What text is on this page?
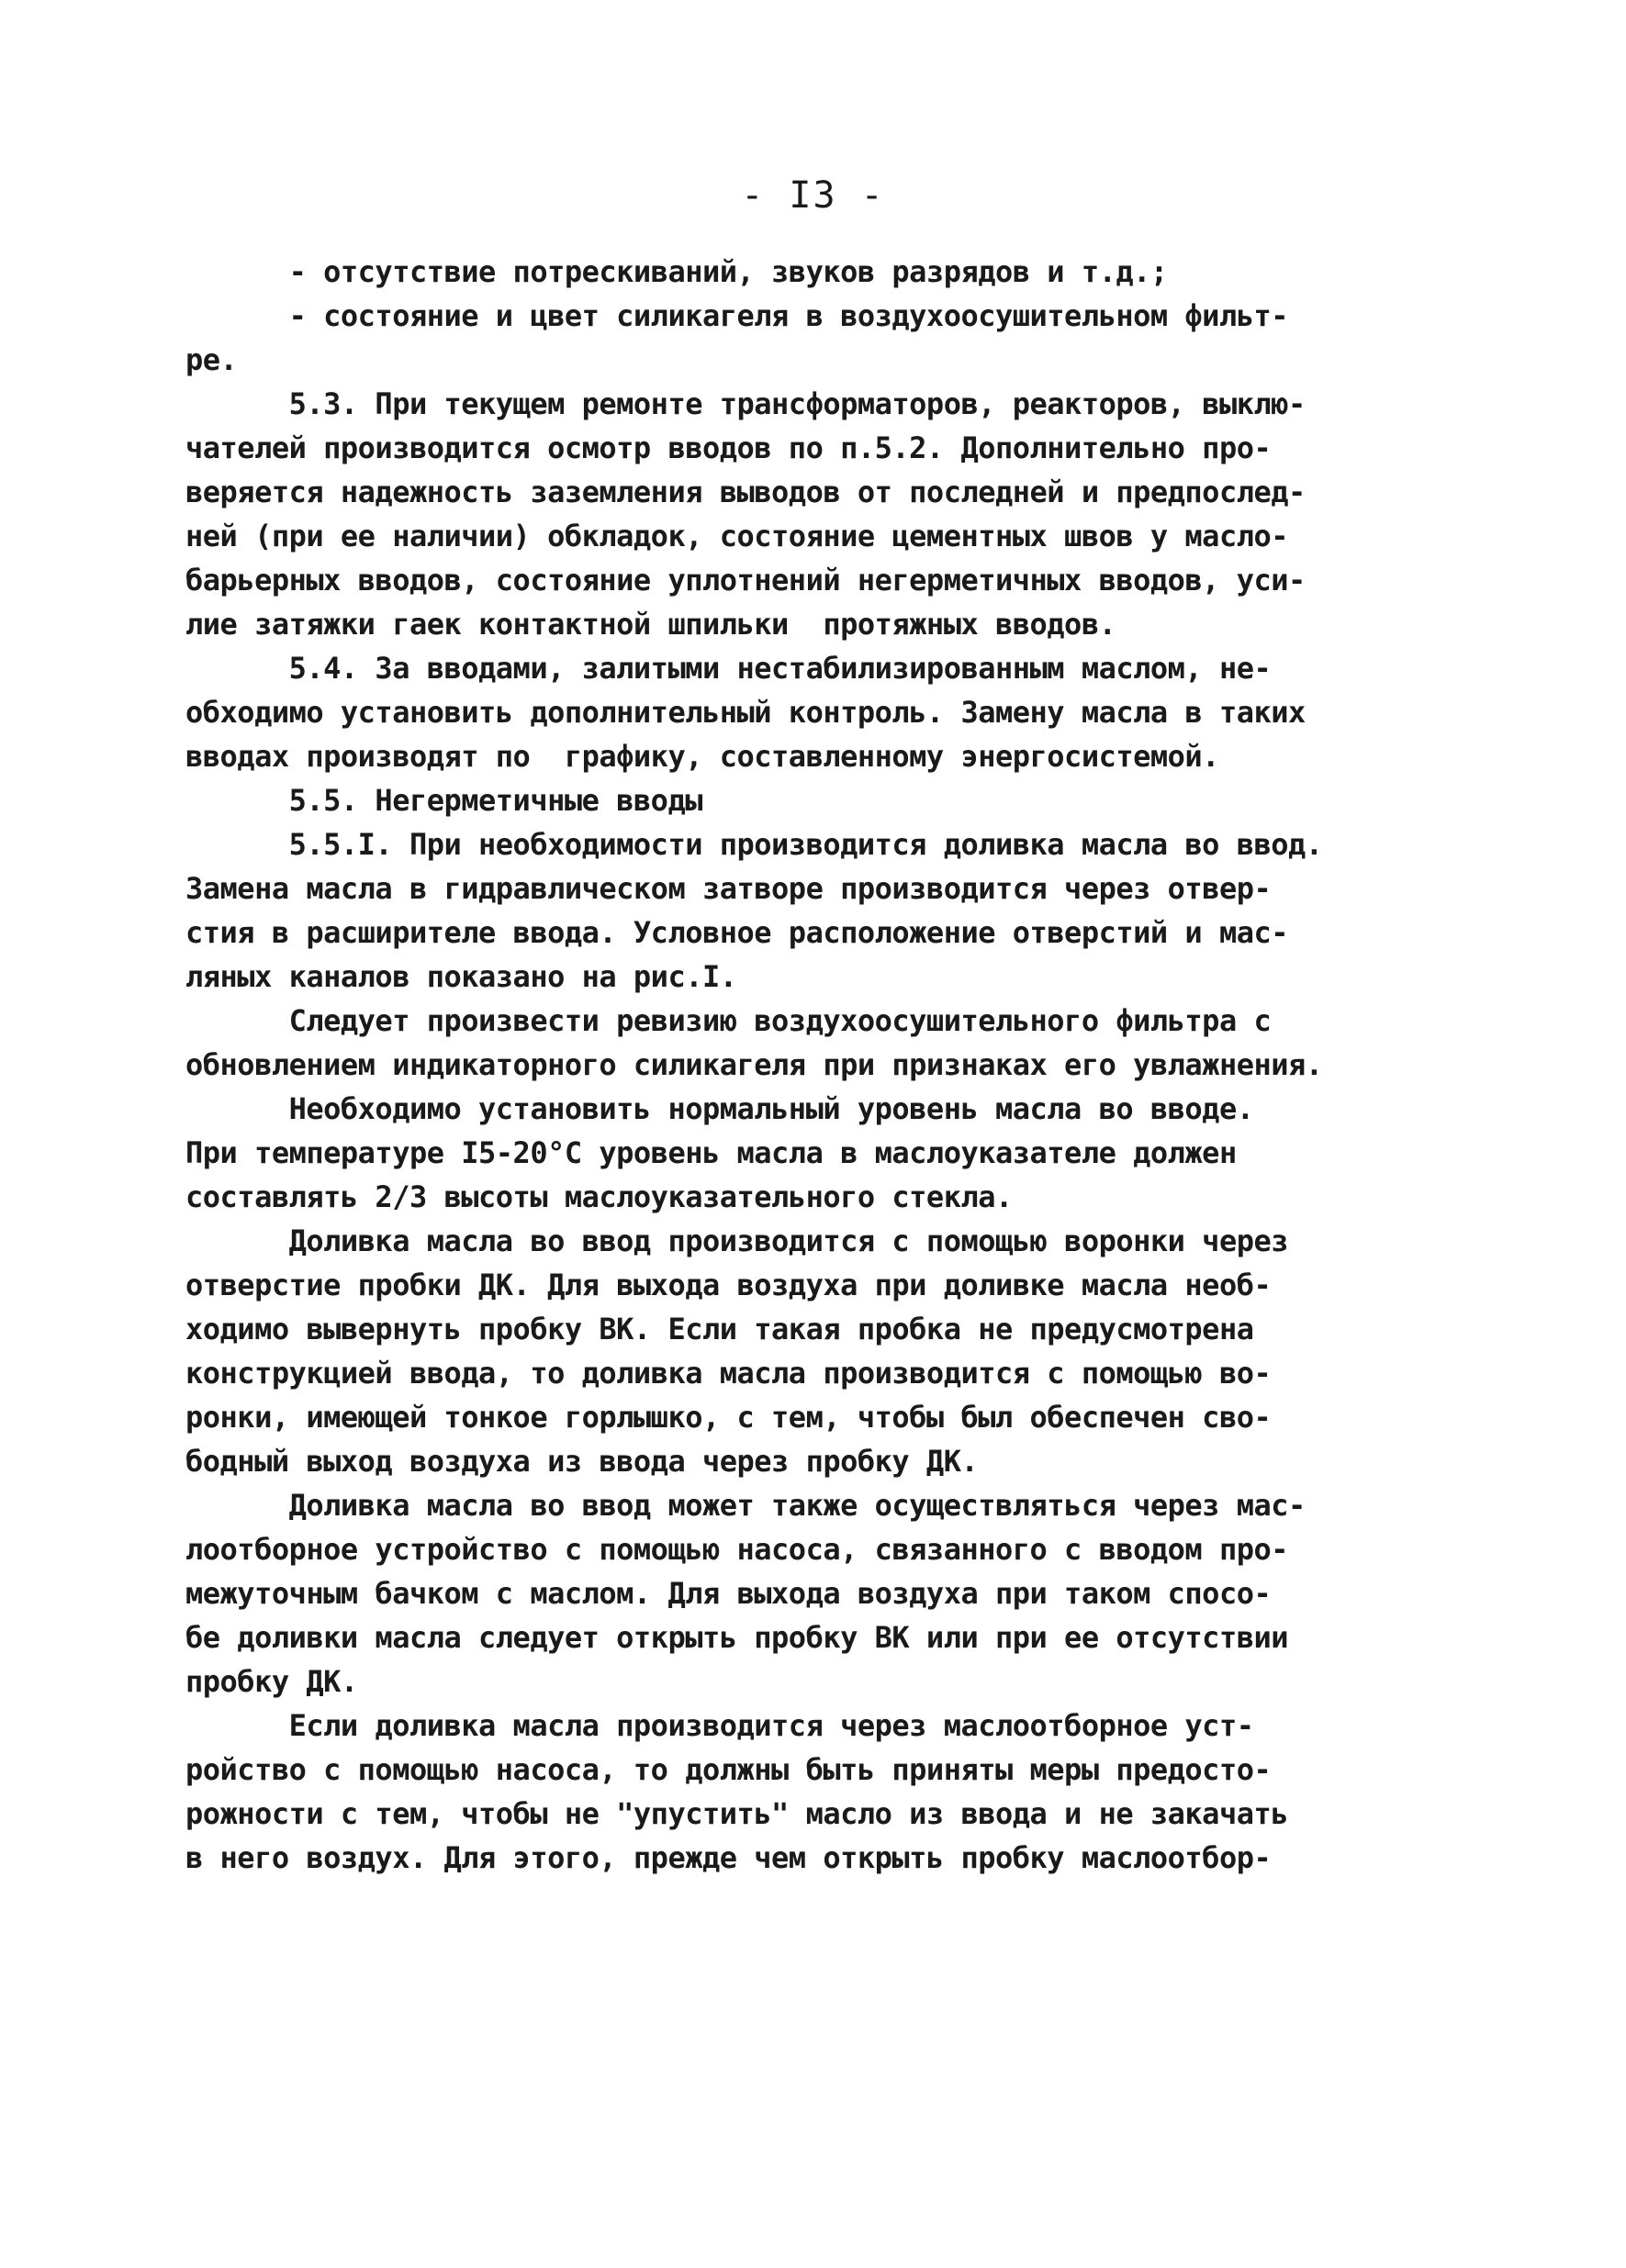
- I3 -
- отсутствие потрескиваний, звуков разрядов и т.д.;
- состояние и цвет силикагеля в воздухоосушительном фильт-
ре.
5.3. При текущем ремонте трансформаторов, реакторов, выклю-
чателей производится осмотр вводов по п.5.2. Дополнительно про-
веряется надежность заземления выводов от последней и предпослед-
ней (при ее наличии) обкладок, состояние цементных швов у масло-
барьерных вводов, состояние уплотнений негерметичных вводов, уси-
лие затяжки гаек контактной шпильки  протяжных вводов.
5.4. За вводами, залитыми нестабилизированным маслом, не-
обходимо установить дополнительный контроль. Замену масла в таких
вводах производят по  графику, составленному энергосистемой.
5.5. Негерметичные вводы
5.5.I. При необходимости производится доливка масла во ввод.
Замена масла в гидравлическом затворе производится через отвер-
стия в расширителе ввода. Условное расположение отверстий и мас-
ляных каналов показано на рис.I.
Следует произвести ревизию воздухоосушительного фильтра с
обновлением индикаторного силикагеля при признаках его увлажнения.
Необходимо установить нормальный уровень масла во вводе.
При температуре I5-20°С уровень масла в маслоуказателе должен
составлять 2/3 высоты маслоуказательного стекла.
Доливка масла во ввод производится с помощью воронки через
отверстие пробки ДК. Для выхода воздуха при доливке масла необ-
ходимо вывернуть пробку ВК. Если такая пробка не предусмотрена
конструкцией ввода, то доливка масла производится с помощью во-
ронки, имеющей тонкое горлышко, с тем, чтобы был обеспечен сво-
бодный выход воздуха из ввода через пробку ДК.
Доливка масла во ввод может также осуществляться через мас-
лоотборное устройство с помощью насоса, связанного с вводом про-
межуточным бачком с маслом. Для выхода воздуха при таком спосо-
бе доливки масла следует открыть пробку ВК или при ее отсутствии
пробку ДК.
Если доливка масла производится через маслоотборное уст-
ройство с помощью насоса, то должны быть приняты меры предосто-
рожности с тем, чтобы не "упустить" масло из ввода и не закачать
в него воздух. Для этого, прежде чем открыть пробку маслоотбор-
